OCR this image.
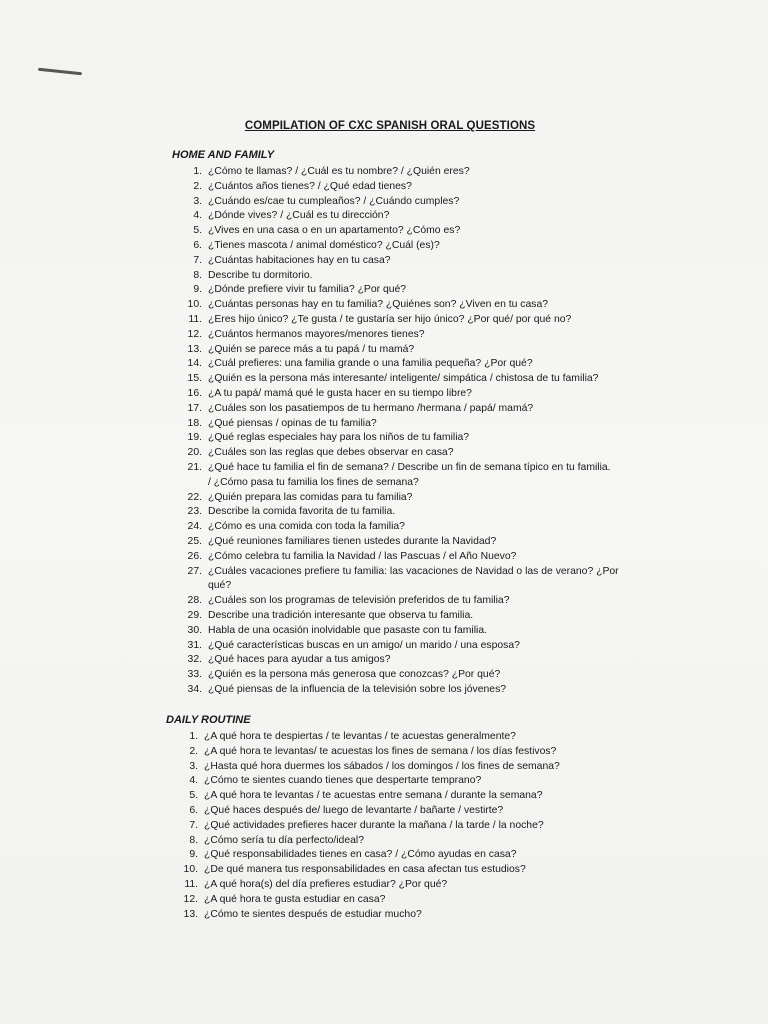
COMPILATION OF CXC SPANISH ORAL QUESTIONS
HOME AND FAMILY
1. ¿Cómo te llamas? / ¿Cuál es tu nombre? / ¿Quién eres?
2. ¿Cuántos años tienes? / ¿Qué edad tienes?
3. ¿Cuándo es/cae tu cumpleaños? / ¿Cuándo cumples?
4. ¿Dónde vives? / ¿Cuál es tu dirección?
5. ¿Vives en una casa o en un apartamento? ¿Cómo es?
6. ¿Tienes mascota / animal doméstico? ¿Cuál (es)?
7. ¿Cuántas habitaciones hay en tu casa?
8. Describe tu dormitorio.
9. ¿Dónde prefiere vivir tu familia? ¿Por qué?
10. ¿Cuántas personas hay en tu familia? ¿Quiénes son? ¿Viven en tu casa?
11. ¿Eres hijo único? ¿Te gusta / te gustaría ser hijo único? ¿Por qué/ por qué no?
12. ¿Cuántos hermanos mayores/menores tienes?
13. ¿Quién se parece más a tu papá / tu mamá?
14. ¿Cuál prefieres: una familia grande o una familia pequeña? ¿Por qué?
15. ¿Quién es la persona más interesante/ inteligente/ simpática / chistosa de tu familia?
16. ¿A tu papá/ mamá qué le gusta hacer en su tiempo libre?
17. ¿Cuáles son los pasatiempos de tu hermano /hermana / papá/ mamá?
18. ¿Qué piensas / opinas de tu familia?
19. ¿Qué reglas especiales hay para los niños de tu familia?
20. ¿Cuáles son las reglas que debes observar en casa?
21. ¿Qué hace tu familia el fin de semana? / Describe un fin de semana típico en tu familia.
/ ¿Cómo pasa tu familia los fines de semana?
22. ¿Quién prepara las comidas para tu familia?
23. Describe la comida favorita de tu familia.
24. ¿Cómo es una comida con toda la familia?
25. ¿Qué reuniones familiares tienen ustedes durante la Navidad?
26. ¿Cómo celebra tu familia la Navidad / las Pascuas / el Año Nuevo?
27. ¿Cuáles vacaciones prefiere tu familia: las vacaciones de Navidad o las de verano? ¿Por
qué?
28. ¿Cuáles son los programas de televisión preferidos de tu familia?
29. Describe una tradición interesante que observa tu familia.
30. Habla de una ocasión inolvidable que pasaste con tu familia.
31. ¿Qué características buscas en un amigo/ un marido / una esposa?
32. ¿Qué haces para ayudar a tus amigos?
33. ¿Quién es la persona más generosa que conozcas? ¿Por qué?
34. ¿Qué piensas de la influencia de la televisión sobre los jóvenes?
DAILY ROUTINE
1. ¿A qué hora te despiertas / te levantas / te acuestas generalmente?
2. ¿A qué hora te levantas/ te acuestas los fines de semana / los días festivos?
3. ¿Hasta qué hora duermes los sábados / los domingos / los fines de semana?
4. ¿Cómo te sientes cuando tienes que despertarte temprano?
5. ¿A qué hora te levantas / te acuestas entre semana / durante la semana?
6. ¿Qué haces después de/ luego de levantarte / bañarte / vestirte?
7. ¿Qué actividades prefieres hacer durante la mañana / la tarde / la noche?
8. ¿Cómo sería tu día perfecto/ideal?
9. ¿Qué responsabilidades tienes en casa? / ¿Cómo ayudas en casa?
10. ¿De qué manera tus responsabilidades en casa afectan tus estudios?
11. ¿A qué hora(s) del día prefieres estudiar? ¿Por qué?
12. ¿A qué hora te gusta estudiar en casa?
13. ¿Cómo te sientes después de estudiar mucho?
